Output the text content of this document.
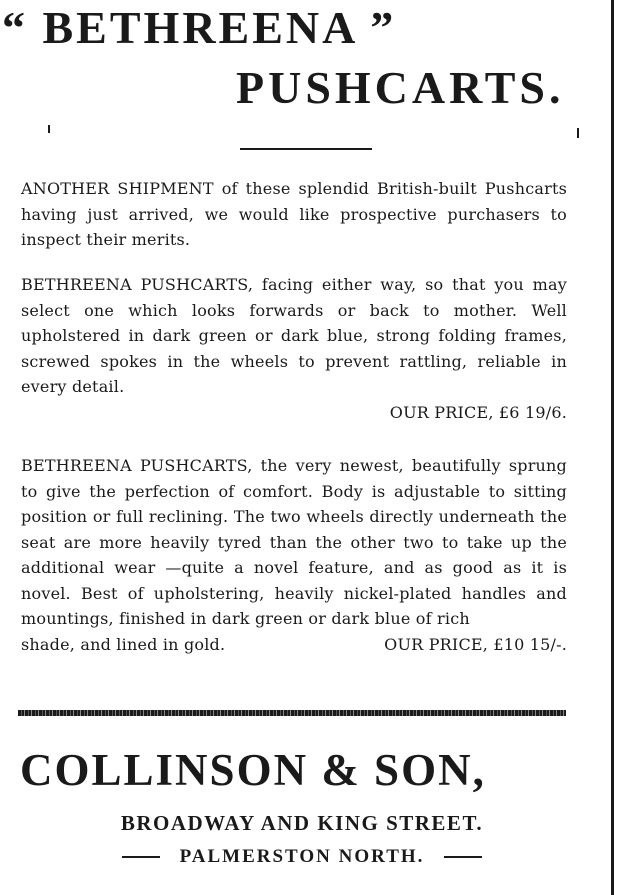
“ BETHREENA ”
PUSHCARTS.
ANOTHER SHIPMENT of these splendid British-built Pushcarts having just arrived, we would like prospective purchasers to inspect their merits.
BETHREENA PUSHCARTS, facing either way, so that you may select one which looks forwards or back to mother. Well upholstered in dark green or dark blue, strong folding frames, screwed spokes in the wheels to prevent rattling, reliable in every detail.
OUR PRICE, £6 19/6.
BETHREENA PUSHCARTS, the very newest, beautifully sprung to give the perfection of comfort. Body is adjustable to sitting position or full reclining. The two wheels directly underneath the seat are more heavily tyred than the other two to take up the additional wear —quite a novel feature, and as good as it is novel. Best of upholstering, heavily nickel-plated handles and mountings, finished in dark green or dark blue of rich
shade, and lined in gold.	OUR PRICE, £10 15/-.
COLLINSON & SON,
BROADWAY AND KING STREET.
PALMERSTON NORTH.
